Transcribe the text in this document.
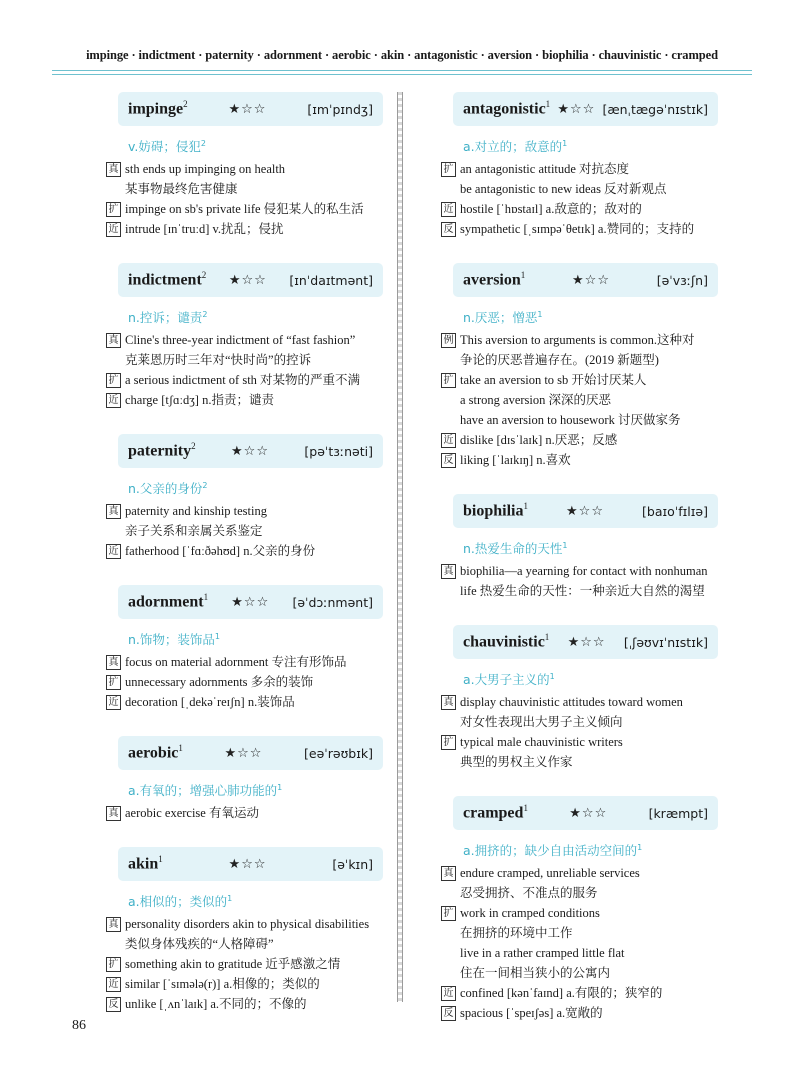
impinge · indictment · paternity · adornment · aerobic · akin · antagonistic · aversion · biophilia · chauvinistic · cramped
impinge$^2$	★☆☆	[ɪmˈpɪndʒ]
v.妨碍；侵犯$^2$
真 sth ends up impinging on health
某事物最终危害健康
扩 impinge on sb's private life 侵犯某人的私生活
近 intrude [ɪnˈtruːd] v.扰乱；侵扰
indictment$^2$ ★☆☆ [ɪnˈdaɪtmənt]
n.控诉；谴责$^2$
真 Cline's three-year indictment of “fast fashion”
克莱恩历时三年对“快时尚”的控诉
扩 a serious indictment of sth 对某物的严重不满
近 charge [tʃɑːdʒ] n.指责；谴责
paternity$^2$	★☆☆	[pəˈtɜːnəti]
n.父亲的身份$^2$
真 paternity and kinship testing
亲子关系和亲属关系鉴定
近 fatherhood [ˈfɑːðəhʊd] n.父亲的身份
adornment$^1$ ★☆☆ [əˈdɔːnmənt]
n.饰物；装饰品$^1$
真 focus on material adornment 专注有形饰品
扩 unnecessary adornments 多余的装饰
近 decoration [ˌdekəˈreɪʃn] n.装饰品
aerobic$^1$	★☆☆	[eəˈrəʊbɪk]
a.有氧的；增强心肺功能的$^1$
真 aerobic exercise 有氧运动
akin$^1$	★☆☆	[əˈkɪn]
a.相似的；类似的$^1$
真 personality disorders akin to physical disabilities
类似身体残疾的“人格障碍”
扩 something akin to gratitude 近乎感激之情
近 similar [ˈsɪmələ(r)] a.相像的；类似的
反 unlike [ˌʌnˈlaɪk] a.不同的；不像的
antagonistic$^1$ ★☆☆ [ænˌtægəˈnɪstɪk]
a.对立的；敌意的$^1$
扩 an antagonistic attitude 对抗态度
be antagonistic to new ideas 反对新观点
近 hostile [ˈhɒstaɪl] a.敌意的；敌对的
反 sympathetic [ˌsɪmpəˈθetɪk] a.赞同的；支持的
aversion$^1$	★☆☆	[əˈvɜːʃn]
n.厌恶；憎恶$^1$
例 This aversion to arguments is common.这种对
争论的厌恶普遍存在。(2019 新题型)
扩 take an aversion to sb 开始讨厌某人
a strong aversion 深深的厌恶
have an aversion to housework 讨厌做家务
近 dislike [dɪsˈlaɪk] n.厌恶；反感
反 liking [ˈlaɪkɪŋ] n.喜欢
biophilia$^1$	★☆☆	[baɪoˈfɪlɪə]
n.热爱生命的天性$^1$
真 biophilia—a yearning for contact with nonhuman
life 热爱生命的天性：一种亲近大自然的渴望
chauvinistic$^1$ ★☆☆ [ˌʃəʊvɪˈnɪstɪk]
a.大男子主义的$^1$
真 display chauvinistic attitudes toward women
对女性表现出大男子主义倾向
扩 typical male chauvinistic writers
典型的男权主义作家
cramped$^1$	★☆☆	[kræmpt]
a.拥挤的；缺少自由活动空间的$^1$
真 endure cramped, unreliable services
忍受拥挤、不准点的服务
扩 work in cramped conditions
在拥挤的环境中工作
live in a rather cramped little flat
住在一间相当狭小的公寓内
近 confined [kənˈfaɪnd] a.有限的；狭窄的
反 spacious [ˈspeɪʃəs] a.宽敞的
86
